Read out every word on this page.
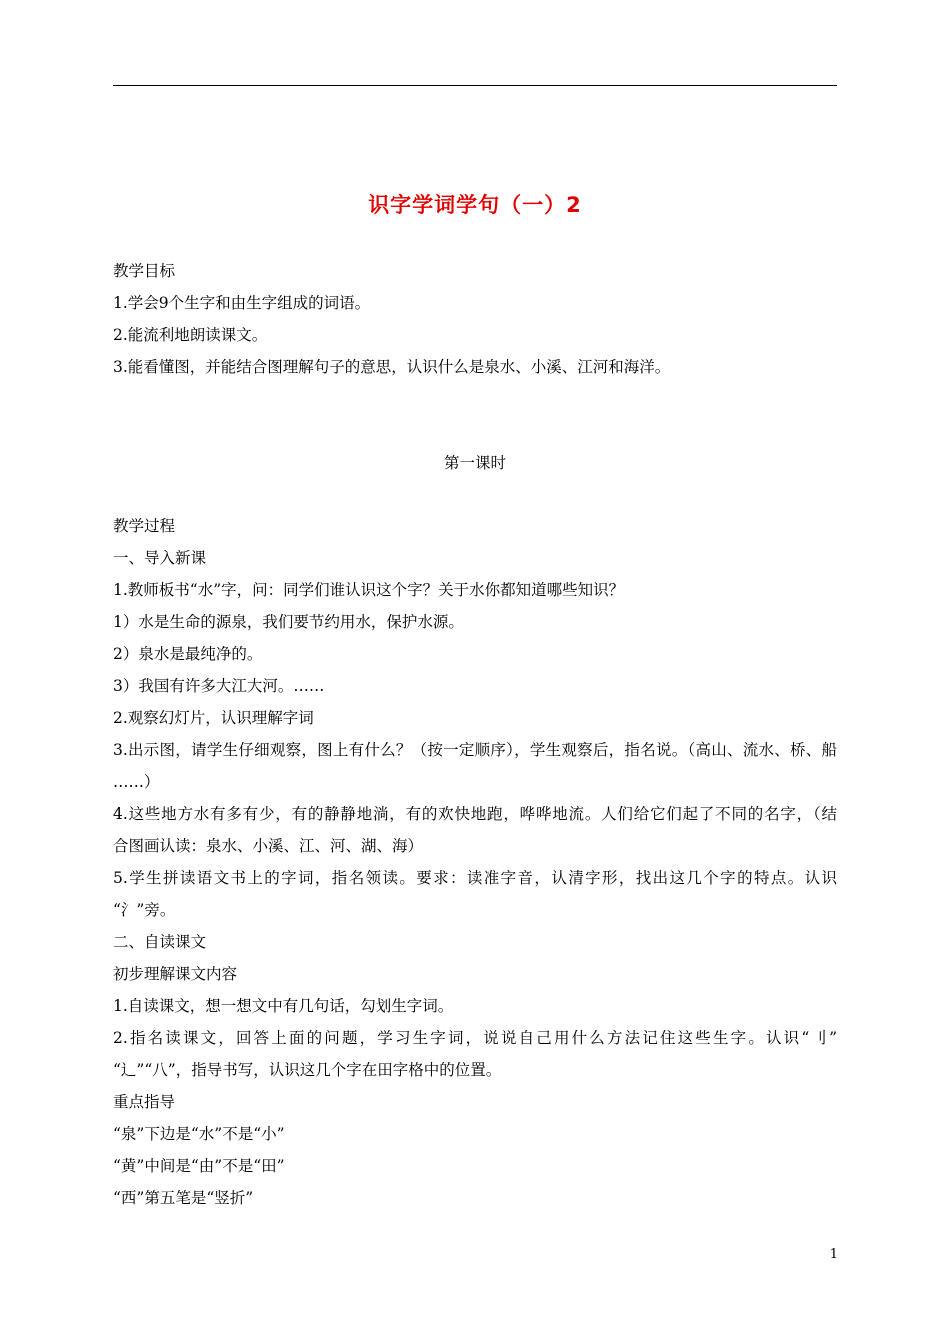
识字学词学句（一）2
教学目标
1.学会9个生字和由生字组成的词语。
2.能流利地朗读课文。
3.能看懂图，并能结合图理解句子的意思，认识什么是泉水、小溪、江河和海洋。
第一课时
教学过程
一、导入新课
1.教师板书“水”字，问：同学们谁认识这个字？关于水你都知道哪些知识？
1）水是生命的源泉，我们要节约用水，保护水源。
2）泉水是最纯净的。
3）我国有许多大江大河。……
2.观察幻灯片，认识理解字词
3.出示图，请学生仔细观察，图上有什么？（按一定顺序），学生观察后，指名说。（高山、流水、桥、船
……）
4.这些地方水有多有少，有的静静地淌，有的欢快地跑，哗哗地流。人们给它们起了不同的名字，（结
合图画认读：泉水、小溪、江、河、湖、海）
5.学生拼读语文书上的字词，指名领读。要求：读准字音，认清字形，找出这几个字的特点。认识
“氵”旁。
二、自读课文
初步理解课文内容
1.自读课文，想一想文中有几句话，勾划生字词。
2.指名读课文，回答上面的问题，学习生字词，说说自己用什么方法记住这些生字。认识“刂”
“辶”“八”，指导书写，认识这几个字在田字格中的位置。
重点指导
“泉”下边是“水”不是“小”
“黄”中间是“由”不是“田”
“西”第五笔是“竖折”
1
